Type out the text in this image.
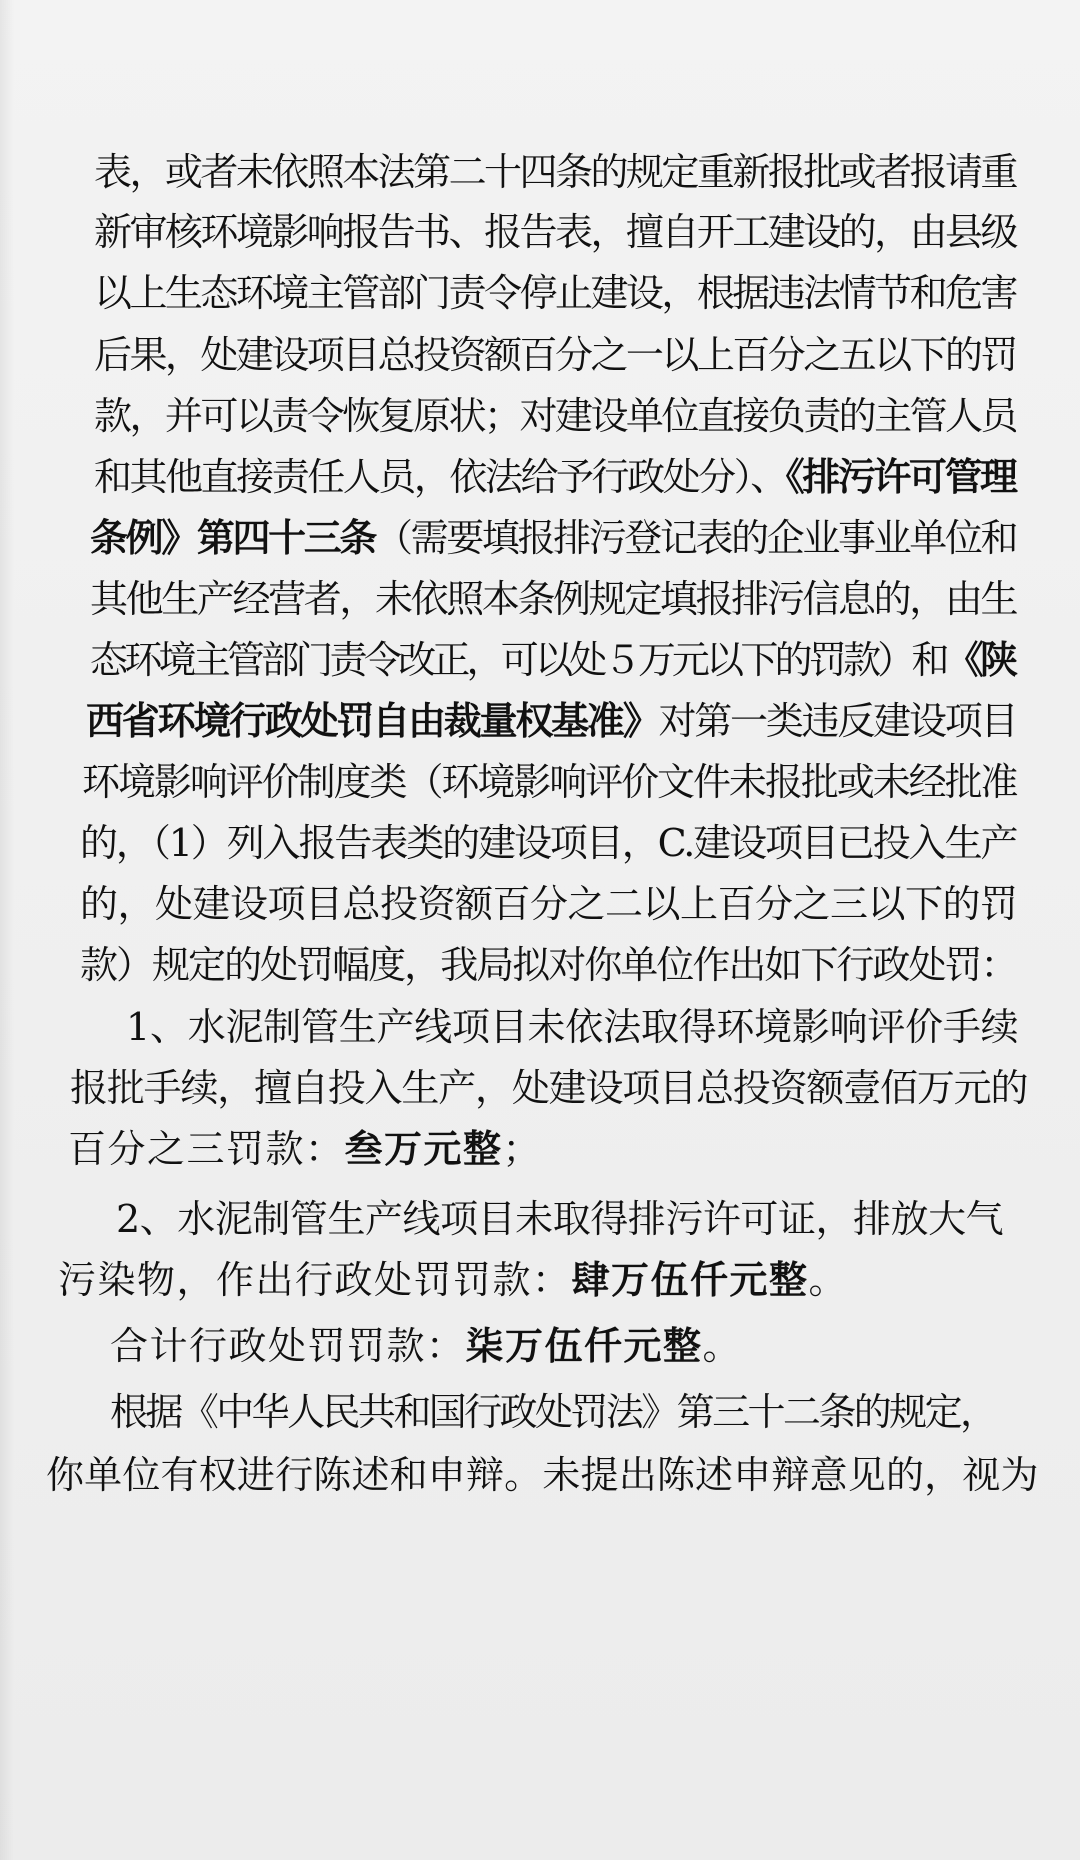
表，或者未依照本法第二十四条的规定重新报批或者报请重
新审核环境影响报告书、报告表，擅自开工建设的，由县级
以上生态环境主管部门责令停止建设，根据违法情节和危害
后果，处建设项目总投资额百分之一以上百分之五以下的罚
款，并可以责令恢复原状；对建设单位直接负责的主管人员
和其他直接责任人员，依法给予行政处分）、《排污许可管理
条例》第四十三条（需要填报排污登记表的企业事业单位和
其他生产经营者，未依照本条例规定填报排污信息的，由生
态环境主管部门责令改正，可以处５万元以下的罚款）和《陕
西省环境行政处罚自由裁量权基准》对第一类违反建设项目
环境影响评价制度类（环境影响评价文件未报批或未经批准
的，（1）列入报告表类的建设项目，C.建设项目已投入生产
的，处建设项目总投资额百分之二以上百分之三以下的罚
款）规定的处罚幅度，我局拟对你单位作出如下行政处罚：
1、水泥制管生产线项目未依法取得环境影响评价手续
报批手续，擅自投入生产，处建设项目总投资额壹佰万元的
百分之三罚款：叁万元整；
2、水泥制管生产线项目未取得排污许可证，排放大气
污染物，作出行政处罚罚款：肆万伍仟元整。
合计行政处罚罚款：柒万伍仟元整。
根据《中华人民共和国行政处罚法》第三十二条的规定，
你单位有权进行陈述和申辩。未提出陈述申辩意见的，视为
